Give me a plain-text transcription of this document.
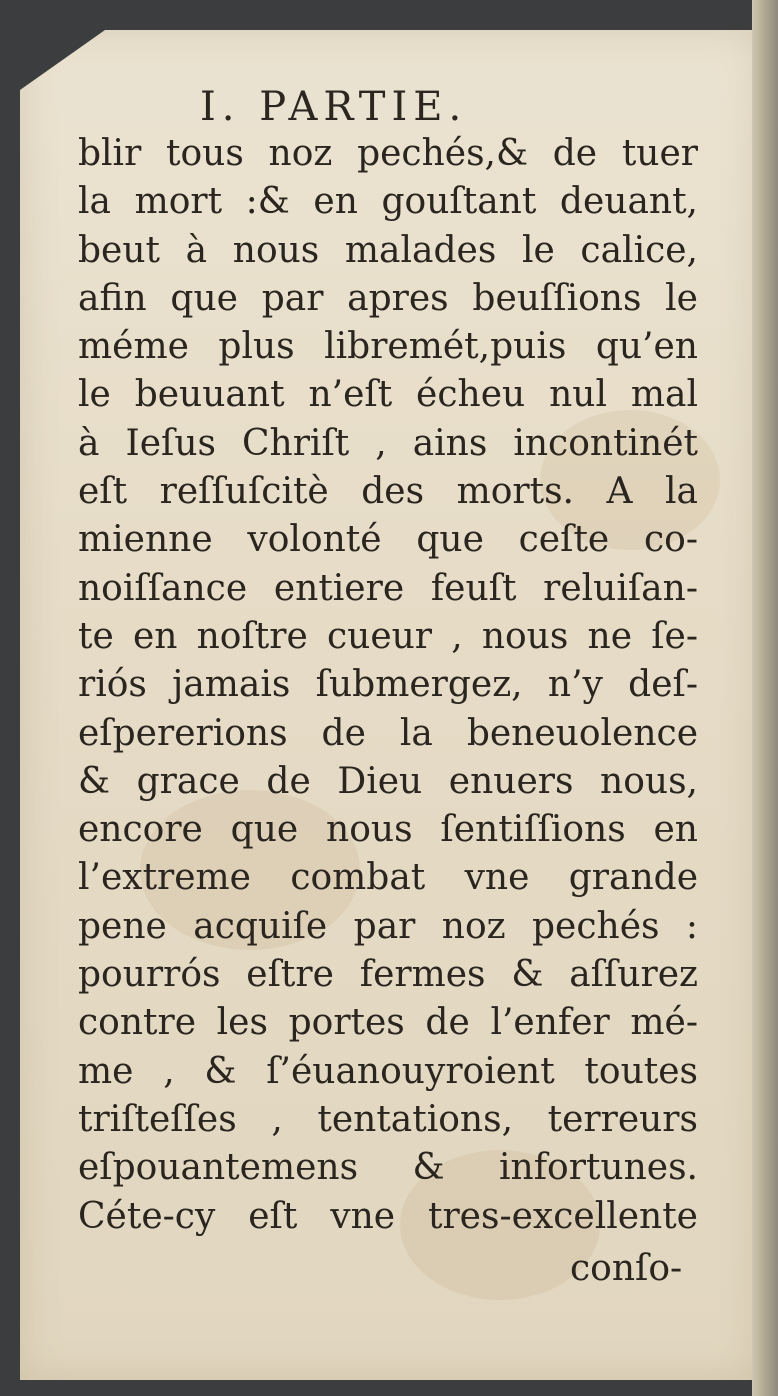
I. PARTIE.
blir tous noz pechés,& de tuer
la mort :& en gouſtant deuant,
beut à nous malades le calice,
afin que par apres beuſſions le
méme plus libremét,puis qu’en
le beuuant n’eſt écheu nul mal
à Ieſus Chriſt , ains incontinét
eſt reſſuſcitè des morts. A la
mienne volonté que ceſte co-
noiſſance entiere feuſt reluiſan-
te en noſtre cueur , nous ne ſe-
riós jamais ſubmergez, n’y deſ-
eſpererions de la beneuolence
& grace de Dieu enuers nous,
encore que nous ſentiſſions en
l’extreme combat vne grande
pene acquiſe par noz pechés :
pourrós eſtre fermes & aſſurez
contre les portes de l’enfer mé-
me , & ſ’éuanouyroient toutes
triſteſſes , tentations, terreurs
eſpouantemens & infortunes.
Céte-cy eſt vne tres-excellente
conſo-
